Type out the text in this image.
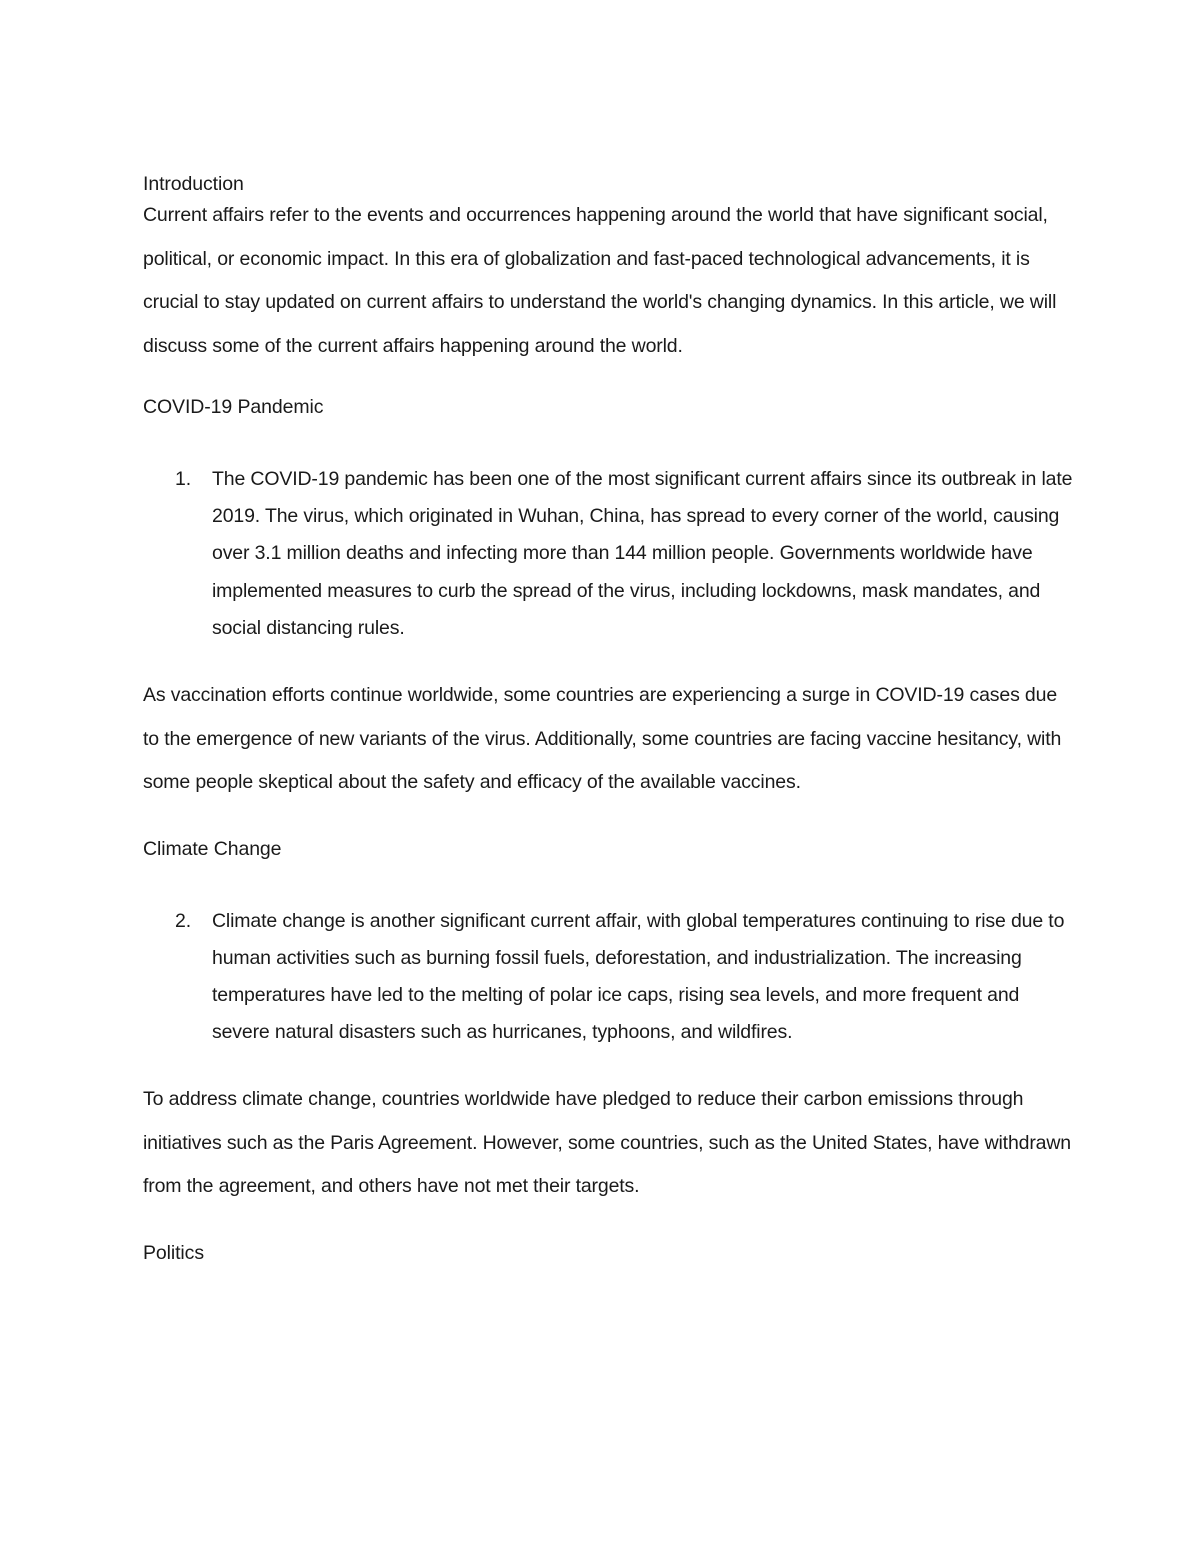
Introduction

Current affairs refer to the events and occurrences happening around the world that have significant social, political, or economic impact. In this era of globalization and fast-paced technological advancements, it is crucial to stay updated on current affairs to understand the world's changing dynamics. In this article, we will discuss some of the current affairs happening around the world.

COVID-19 Pandemic
1. The COVID-19 pandemic has been one of the most significant current affairs since its outbreak in late 2019. The virus, which originated in Wuhan, China, has spread to every corner of the world, causing over 3.1 million deaths and infecting more than 144 million people. Governments worldwide have implemented measures to curb the spread of the virus, including lockdowns, mask mandates, and social distancing rules.

As vaccination efforts continue worldwide, some countries are experiencing a surge in COVID-19 cases due to the emergence of new variants of the virus. Additionally, some countries are facing vaccine hesitancy, with some people skeptical about the safety and efficacy of the available vaccines.

Climate Change
2. Climate change is another significant current affair, with global temperatures continuing to rise due to human activities such as burning fossil fuels, deforestation, and industrialization. The increasing temperatures have led to the melting of polar ice caps, rising sea levels, and more frequent and severe natural disasters such as hurricanes, typhoons, and wildfires.

To address climate change, countries worldwide have pledged to reduce their carbon emissions through initiatives such as the Paris Agreement. However, some countries, such as the United States, have withdrawn from the agreement, and others have not met their targets.

Politics
